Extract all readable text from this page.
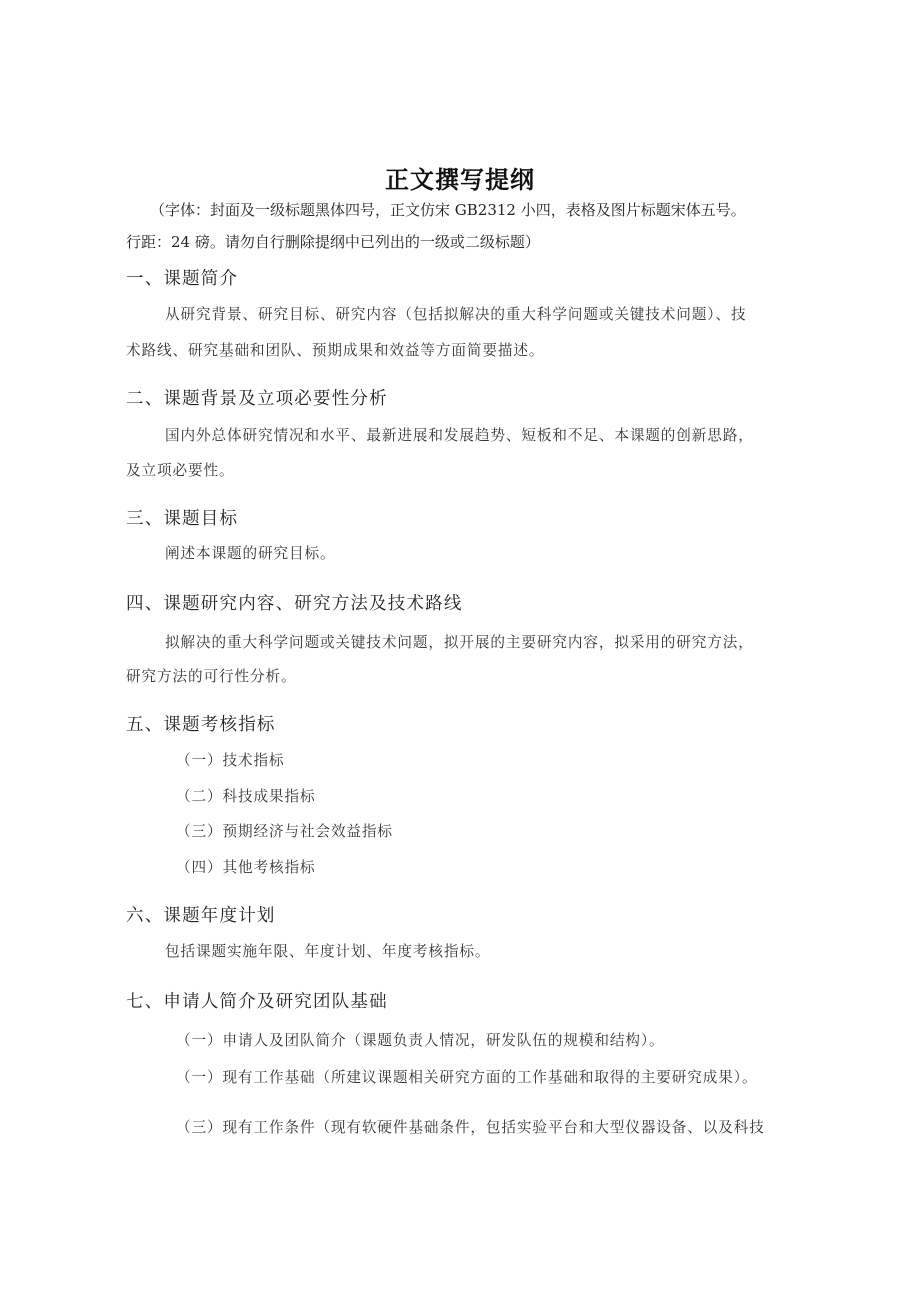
正文撰写提纲
（字体：封面及一级标题黑体四号，正文仿宋 GB2312 小四，表格及图片标题宋体五号。
行距：24 磅。请勿自行删除提纲中已列出的一级或二级标题）
一、课题简介
从研究背景、研究目标、研究内容（包括拟解决的重大科学问题或关键技术问题）、技
术路线、研究基础和团队、预期成果和效益等方面简要描述。
二、课题背景及立项必要性分析
国内外总体研究情况和水平、最新进展和发展趋势、短板和不足、本课题的创新思路，
及立项必要性。
三、课题目标
阐述本课题的研究目标。
四、课题研究内容、研究方法及技术路线
拟解决的重大科学问题或关键技术问题，拟开展的主要研究内容，拟采用的研究方法，
研究方法的可行性分析。
五、课题考核指标
（一）技术指标
（二）科技成果指标
（三）预期经济与社会效益指标
（四）其他考核指标
六、课题年度计划
包括课题实施年限、年度计划、年度考核指标。
七、申请人简介及研究团队基础
（一）申请人及团队简介（课题负责人情况，研发队伍的规模和结构）。
（一）现有工作基础（所建议课题相关研究方面的工作基础和取得的主要研究成果）。
（三）现有工作条件（现有软硬件基础条件，包括实验平台和大型仪器设备、以及科技
